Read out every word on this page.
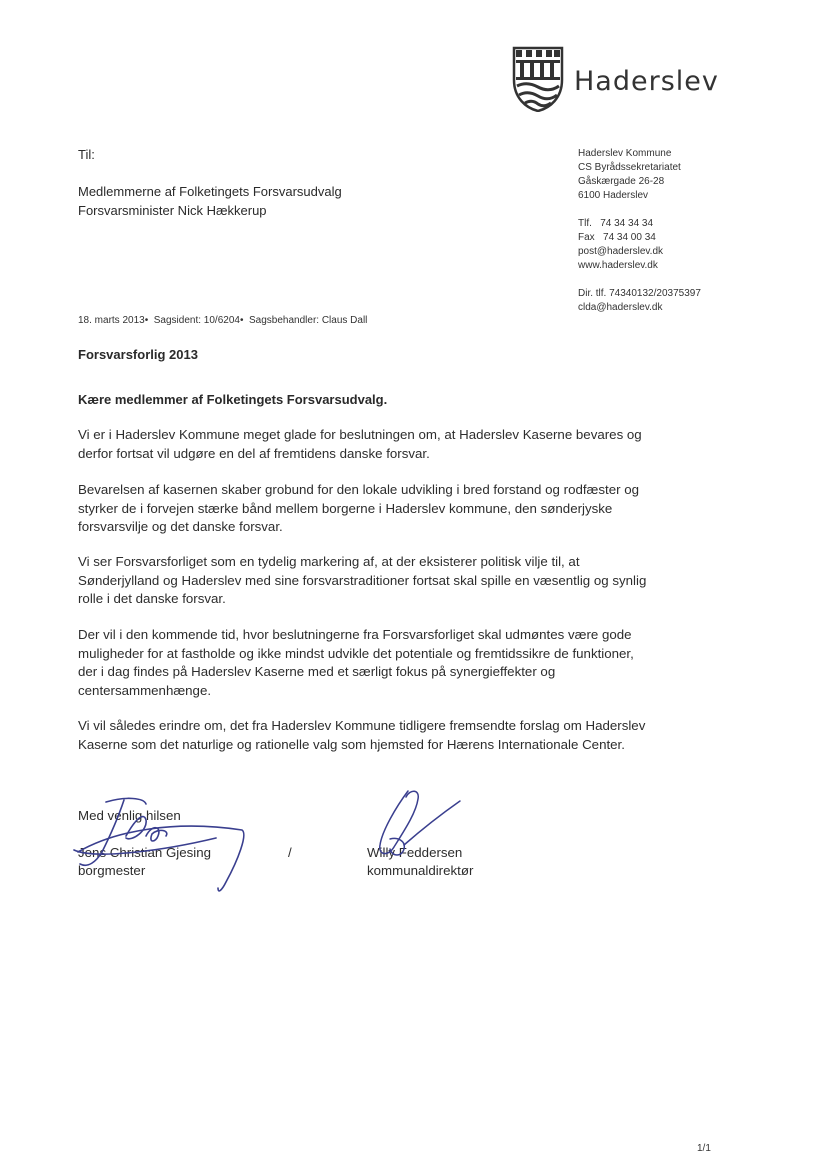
Haderslev
Til:
Medlemmerne af Folketingets Forsvarsudvalg
Forsvarsminister Nick Hækkerup
Haderslev Kommune
CS Byrådssekretariatet
Gåskærgade 26-28
6100 Haderslev
Tlf.   74 34 34 34
Fax   74 34 00 34
post@haderslev.dk
www.haderslev.dk
Dir. tlf. 74340132/20375397
clda@haderslev.dk
18. marts 2013•  Sagsident: 10/6204•  Sagsbehandler: Claus Dall
Forsvarsforlig 2013
Kære medlemmer af Folketingets Forsvarsudvalg.
Vi er i Haderslev Kommune meget glade for beslutningen om, at Haderslev Kaserne bevares og
derfor fortsat vil udgøre en del af fremtidens danske forsvar.
Bevarelsen af kasernen skaber grobund for den lokale udvikling i bred forstand og rodfæster og
styrker de i forvejen stærke bånd mellem borgerne i Haderslev kommune, den sønderjyske
forsvarsvilje og det danske forsvar.
Vi ser Forsvarsforliget som en tydelig markering af, at der eksisterer politisk vilje til, at
Sønderjylland og Haderslev med sine forsvarstraditioner fortsat skal spille en væsentlig og synlig
rolle i det danske forsvar.
Der vil i den kommende tid, hvor beslutningerne fra Forsvarsforliget skal udmøntes være gode
muligheder for at fastholde og ikke mindst udvikle det potentiale og fremtidssikre de funktioner,
der i dag findes på Haderslev Kaserne med et særligt fokus på synergieffekter og
centersammenhænge.
Vi vil således erindre om, det fra Haderslev Kommune tidligere fremsendte forslag om Haderslev
Kaserne som det naturlige og rationelle valg som hjemsted for Hærens Internationale Center.
Med venlig hilsen
Jens Christian Gjesing
borgmester
/	Willy Feddersen
kommunaldirektør
1/1
